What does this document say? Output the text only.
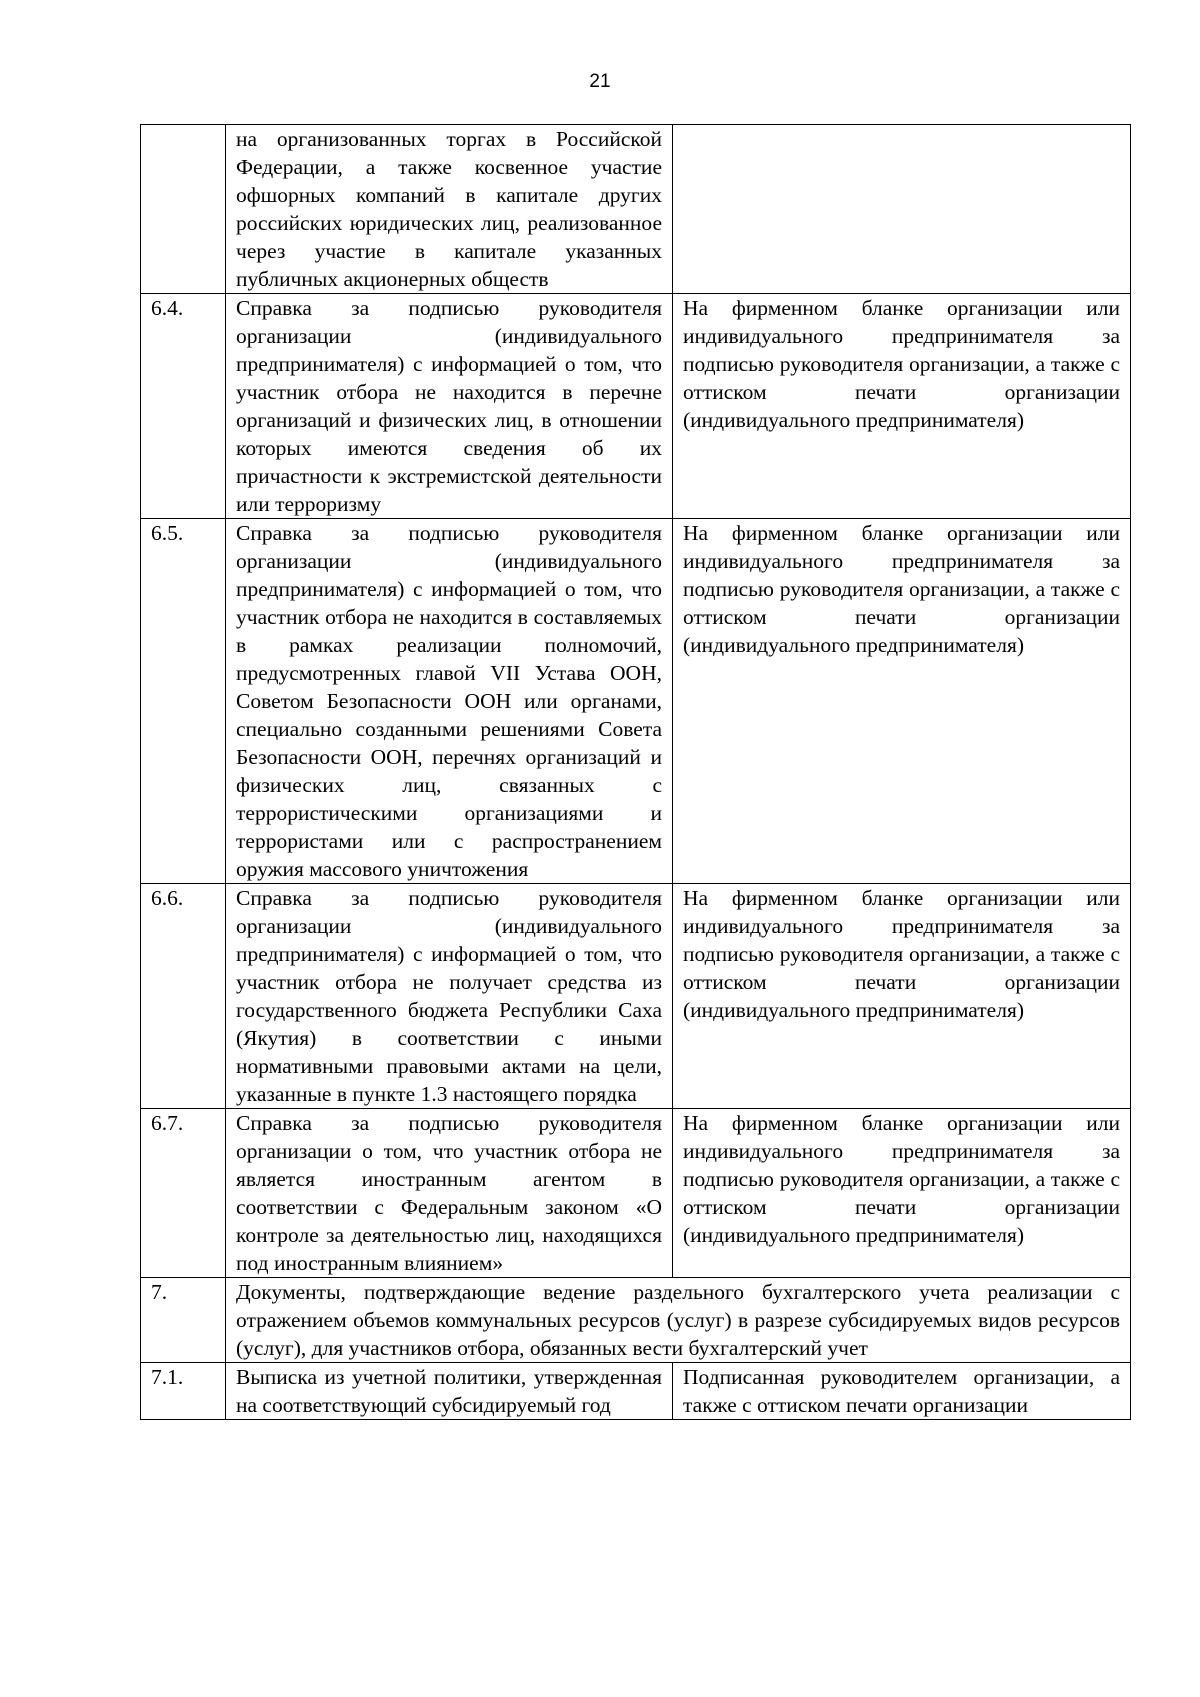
21
	на организованных торгах в Российской Федерации, а также косвенное участие офшорных компаний в капитале других российских юридических лиц, реализованное через участие в капитале указанных публичных акционерных обществ	
6.4.	Справка за подписью руководителя организации (индивидуального предпринимателя) с информацией о том, что участник отбора не находится в перечне организаций и физических лиц, в отношении которых имеются сведения об их причастности к экстремистской деятельности или терроризму	На фирменном бланке организации или индивидуального предпринимателя за подписью руководителя организации, а также с оттиском печати организации (индивидуального предпринимателя)
6.5.	Справка за подписью руководителя организации (индивидуального предпринимателя) с информацией о том, что участник отбора не находится в составляемых в рамках реализации полномочий, предусмотренных главой VII Устава ООН, Советом Безопасности ООН или органами, специально созданными решениями Совета Безопасности ООН, перечнях организаций и физических лиц, связанных с террористическими организациями и террористами или с распространением оружия массового уничтожения	На фирменном бланке организации или индивидуального предпринимателя за подписью руководителя организации, а также с оттиском печати организации (индивидуального предпринимателя)
6.6.	Справка за подписью руководителя организации (индивидуального предпринимателя) с информацией о том, что участник отбора не получает средства из государственного бюджета Республики Саха (Якутия) в соответствии с иными нормативными правовыми актами на цели, указанные в пункте 1.3 настоящего порядка	На фирменном бланке организации или индивидуального предпринимателя за подписью руководителя организации, а также с оттиском печати организации (индивидуального предпринимателя)
6.7.	Справка за подписью руководителя организации о том, что участник отбора не является иностранным агентом в соответствии с Федеральным законом «О контроле за деятельностью лиц, находящихся под иностранным влиянием»	На фирменном бланке организации или индивидуального предпринимателя за подписью руководителя организации, а также с оттиском печати организации (индивидуального предпринимателя)
7.	Документы, подтверждающие ведение раздельного бухгалтерского учета реализации с отражением объемов коммунальных ресурсов (услуг) в разрезе субсидируемых видов ресурсов (услуг), для участников отбора, обязанных вести бухгалтерский учет	
7.1.	Выписка из учетной политики, утвержденная на соответствующий субсидируемый год	Подписанная руководителем организации, а также с оттиском печати организации
